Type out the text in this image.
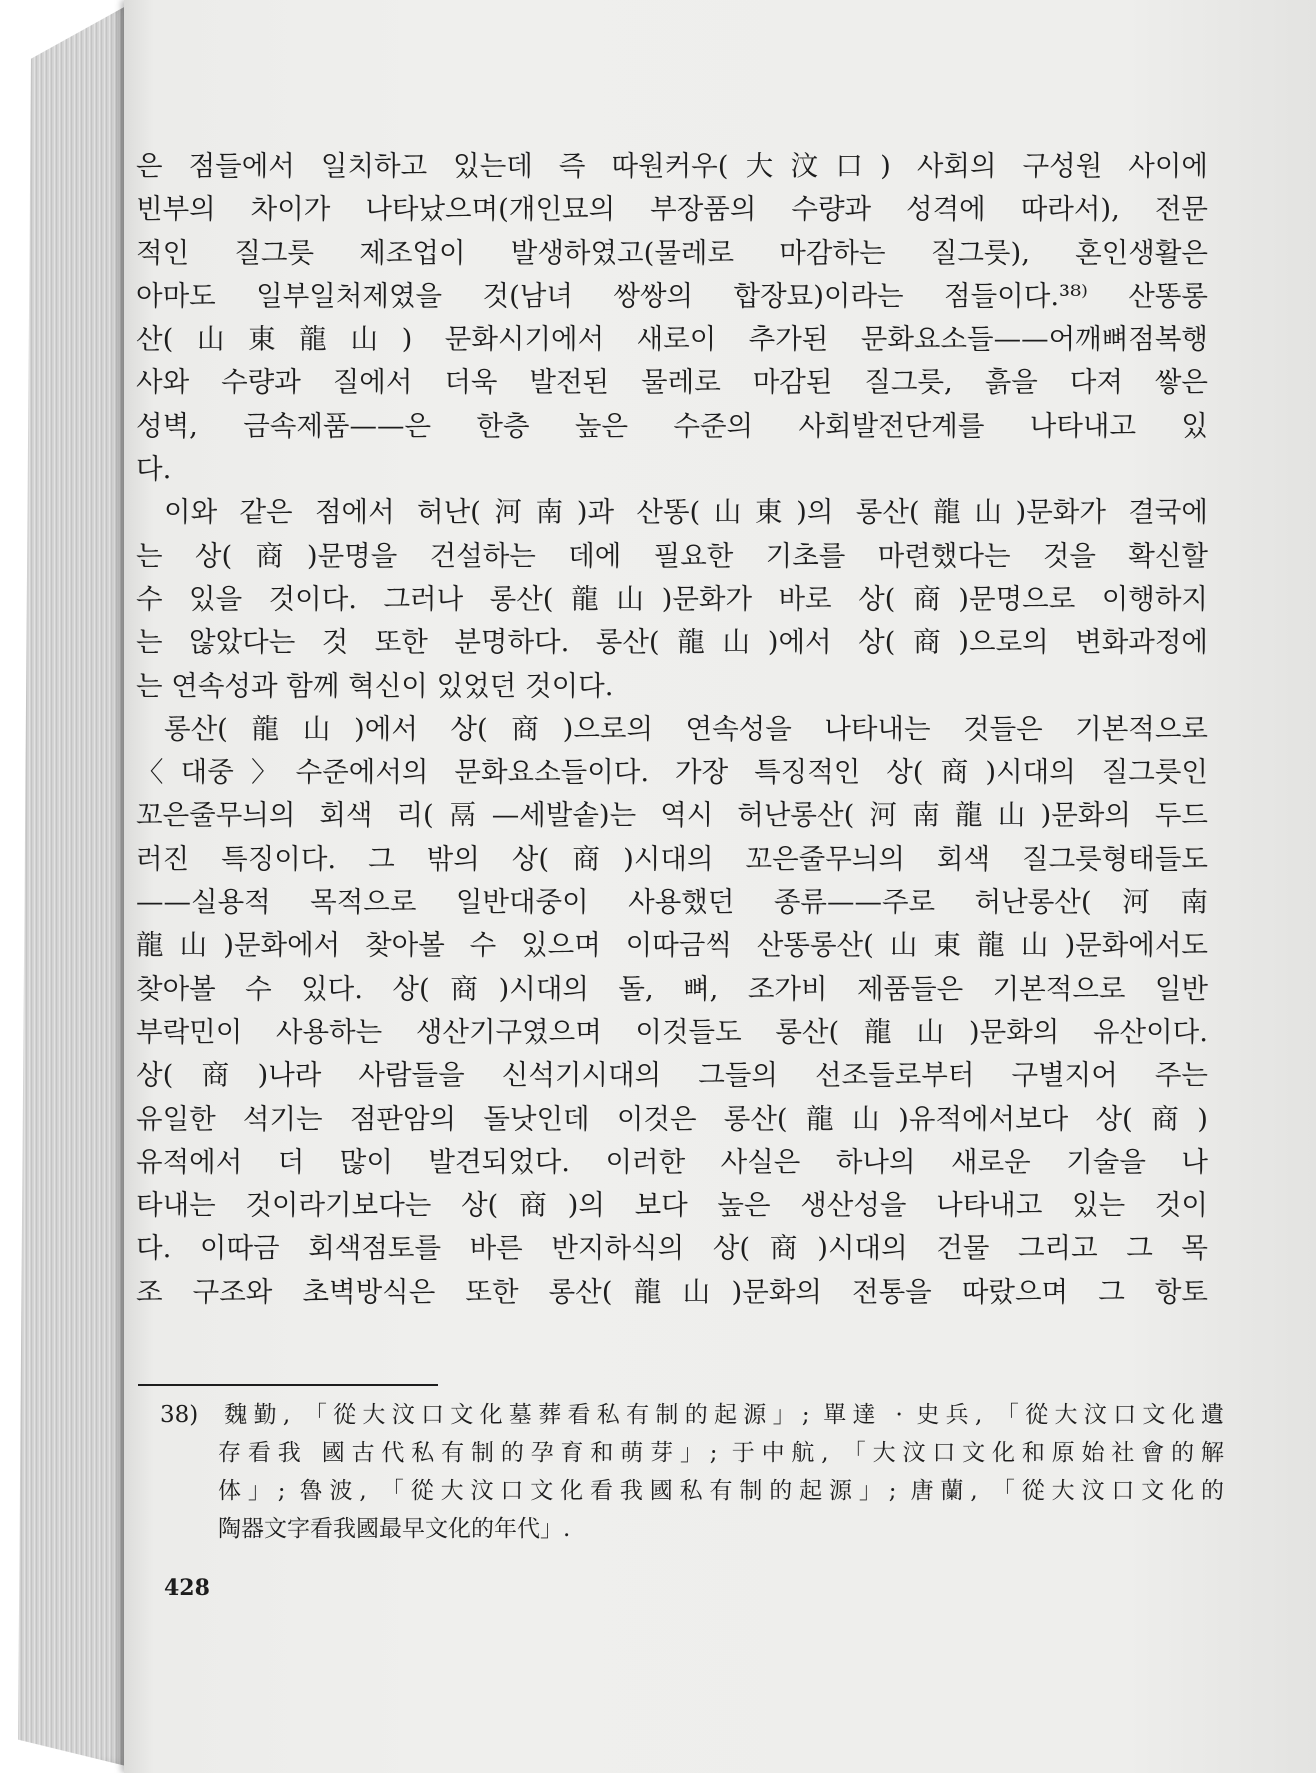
은 점들에서 일치하고 있는데 즉 따원커우(大汶口) 사회의 구성원 사이에
빈부의 차이가 나타났으며(개인묘의 부장품의 수량과 성격에 따라서), 전문
적인 질그릇 제조업이 발생하였고(물레로 마감하는 질그릇), 혼인생활은
아마도 일부일처제였을 것(남녀 쌍쌍의 합장묘)이라는 점들이다.³⁸⁾ 산똥롱
산(山東龍山) 문화시기에서 새로이 추가된 문화요소들——어깨뼈점복행
사와 수량과 질에서 더욱 발전된 물레로 마감된 질그릇, 흙을 다져 쌓은
성벽, 금속제품——은 한층 높은 수준의 사회발전단계를 나타내고 있
다.
이와 같은 점에서 허난(河南)과 산똥(山東)의 롱산(龍山)문화가 결국에
는 상(商)문명을 건설하는 데에 필요한 기초를 마련했다는 것을 확신할
수 있을 것이다. 그러나 롱산(龍山)문화가 바로 상(商)문명으로 이행하지
는 않았다는 것 또한 분명하다. 롱산(龍山)에서 상(商)으로의 변화과정에
는 연속성과 함께 혁신이 있었던 것이다.
롱산(龍山)에서 상(商)으로의 연속성을 나타내는 것들은 기본적으로
〈대중〉수준에서의 문화요소들이다. 가장 특징적인 상(商)시대의 질그릇인
꼬은줄무늬의 회색 리(鬲—세발솥)는 역시 허난롱산(河南龍山)문화의 두드
러진 특징이다. 그 밖의 상(商)시대의 꼬은줄무늬의 회색 질그릇형태들도
——실용적 목적으로 일반대중이 사용했던 종류——주로 허난롱산(河南
龍山)문화에서 찾아볼 수 있으며 이따금씩 산똥롱산(山東龍山)문화에서도
찾아볼 수 있다. 상(商)시대의 돌, 뼈, 조가비 제품들은 기본적으로 일반
부락민이 사용하는 생산기구였으며 이것들도 롱산(龍山)문화의 유산이다.
상(商)나라 사람들을 신석기시대의 그들의 선조들로부터 구별지어 주는
유일한 석기는 점판암의 돌낫인데 이것은 롱산(龍山)유적에서보다 상(商)
유적에서 더 많이 발견되었다. 이러한 사실은 하나의 새로운 기술을 나
타내는 것이라기보다는 상(商)의 보다 높은 생산성을 나타내고 있는 것이
다. 이따금 회색점토를 바른 반지하식의 상(商)시대의 건물 그리고 그 목
조 구조와 초벽방식은 또한 롱산(龍山)문화의 전통을 따랐으며 그 항토
38) 魏勤, 「從大汶口文化墓葬看私有制的起源」; 單達 · 史兵, 「從大汶口文化遺
存看我 國古代私有制的孕育和萌芽」; 于中航, 「大汶口文化和原始社會的解
体」; 魯波, 「從大汶口文化看我國私有制的起源」; 唐蘭, 「從大汶口文化的
陶器文字看我國最早文化的年代」.
428
